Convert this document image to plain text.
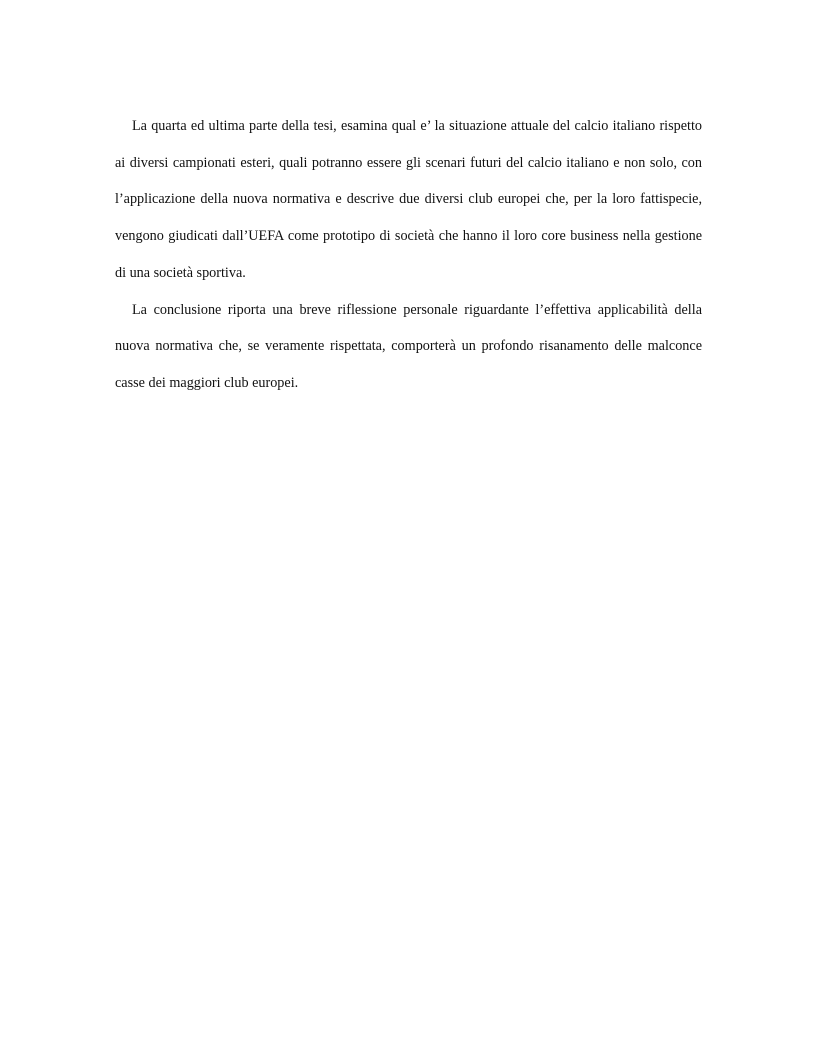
La quarta ed ultima parte della tesi, esamina qual e’ la situazione attuale del calcio italiano rispetto ai diversi campionati esteri, quali potranno essere gli scenari futuri del calcio italiano e non solo, con l’applicazione della nuova normativa e descrive due diversi club europei che, per la loro fattispecie, vengono giudicati dall’UEFA come prototipo di società che hanno il loro core business nella gestione di una società sportiva.

La conclusione riporta una breve riflessione personale riguardante l’effettiva applicabilità della nuova normativa che, se veramente rispettata, comporterà un profondo risanamento delle malconce casse dei maggiori club europei.
